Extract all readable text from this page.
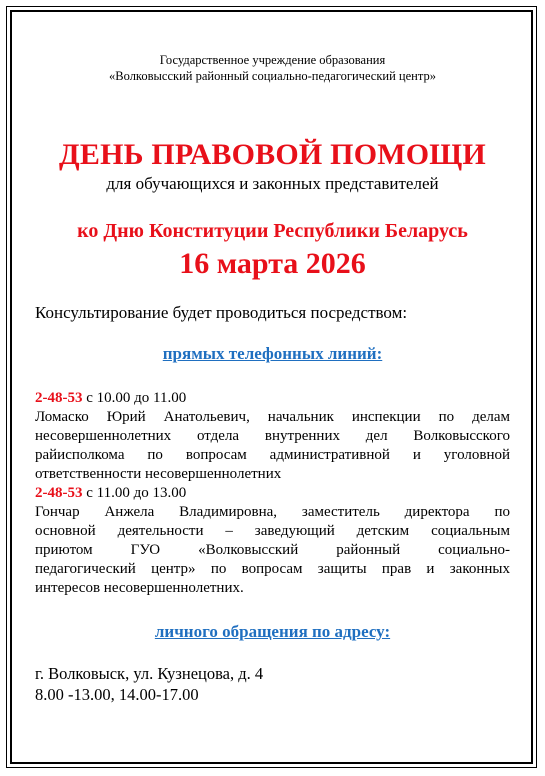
Государственное учреждение образования
«Волковысский районный социально-педагогический центр»
ДЕНЬ ПРАВОВОЙ ПОМОЩИ
для обучающихся и законных представителей
ко Дню Конституции Республики Беларусь
16 марта 2026
Консультирование будет проводиться посредством:
прямых телефонных линий:
2-48-53 с 10.00 до 11.00
Ломаско Юрий Анатольевич, начальник инспекции по делам
несовершеннолетних отдела внутренних дел Волковысского
райисполкома по вопросам административной и уголовной
ответственности несовершеннолетних
2-48-53 с 11.00 до 13.00
Гончар Анжела Владимировна, заместитель директора по
основной деятельности – заведующий детским социальным
приютом ГУО «Волковысский районный социально-
педагогический центр» по вопросам защиты прав и законных
интересов несовершеннолетних.
личного обращения по адресу:
г. Волковыск, ул. Кузнецова, д. 4
8.00 -13.00, 14.00-17.00
